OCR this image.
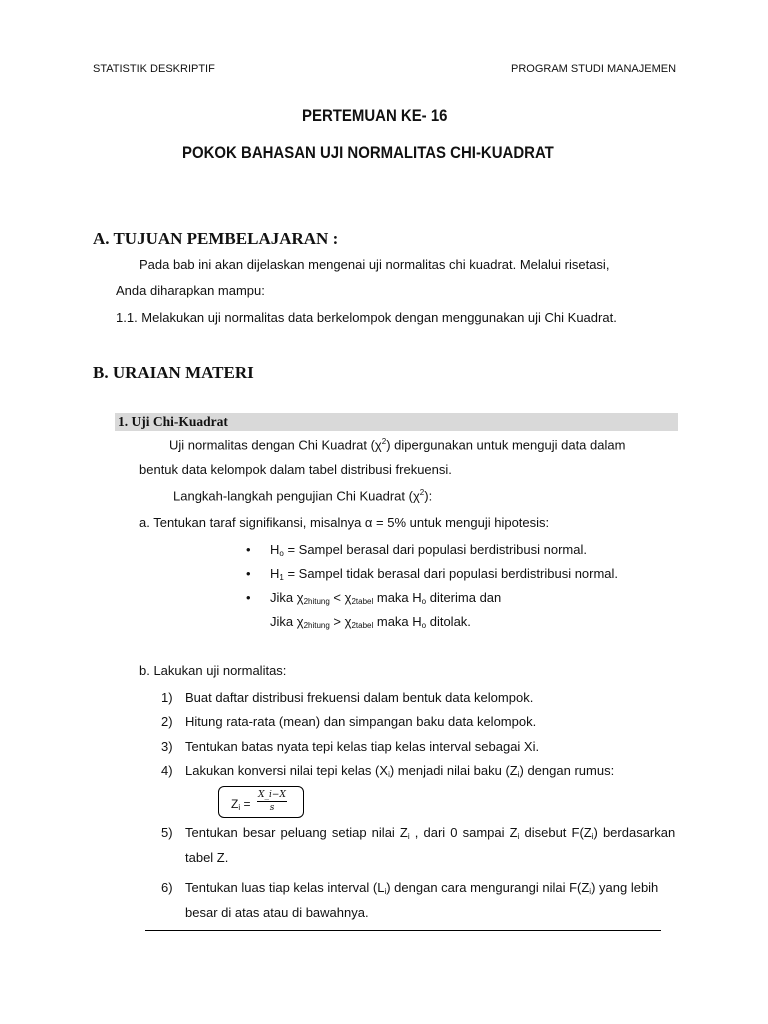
STATISTIK DESKRIPTIF	PROGRAM STUDI MANAJEMEN
PERTEMUAN KE- 16
POKOK BAHASAN UJI NORMALITAS CHI-KUADRAT
A. TUJUAN PEMBELAJARAN :
Pada bab ini akan dijelaskan mengenai uji normalitas chi kuadrat. Melalui risetasi,
Anda diharapkan mampu:
1.1. Melakukan uji normalitas data berkelompok dengan menggunakan uji Chi Kuadrat.
B. URAIAN MATERI
1. Uji Chi-Kuadrat
Uji normalitas dengan Chi Kuadrat $(\chi^2)$ dipergunakan untuk menguji data dalam
bentuk data kelompok dalam tabel distribusi frekuensi.
Langkah-langkah pengujian Chi Kuadrat $(\chi^2)$:
a. Tentukan taraf signifikansi, misalnya α = 5% untuk menguji hipotesis:
• $H_o$ = Sampel berasal dari populasi berdistribusi normal.
• $H_1$ = Sampel tidak berasal dari populasi berdistribusi normal.
• Jika $\chi_{2hitung} < \chi_{2tabel}$ maka $H_o$ diterima dan
Jika $\chi_{2hitung} > \chi_{2tabel}$ maka $H_o$ ditolak.
b. Lakukan uji normalitas:
1) Buat daftar distribusi frekuensi dalam bentuk data kelompok.
2) Hitung rata-rata (mean) dan simpangan baku data kelompok.
3) Tentukan batas nyata tepi kelas tiap kelas interval sebagai Xi.
4) Lakukan konversi nilai tepi kelas $(X_i)$ menjadi nilai baku $(Z_i)$ dengan rumus:
$Z_i = \frac{X\_i-X}{s}$
5) Tentukan besar peluang setiap nilai $Z_i$ , dari 0 sampai $Z_i$ disebut $F(Z_i)$ berdasarkan
tabel Z.
6) Tentukan luas tiap kelas interval $(L_i)$ dengan cara mengurangi nilai $F(Z_i)$ yang lebih
besar di atas atau di bawahnya.
